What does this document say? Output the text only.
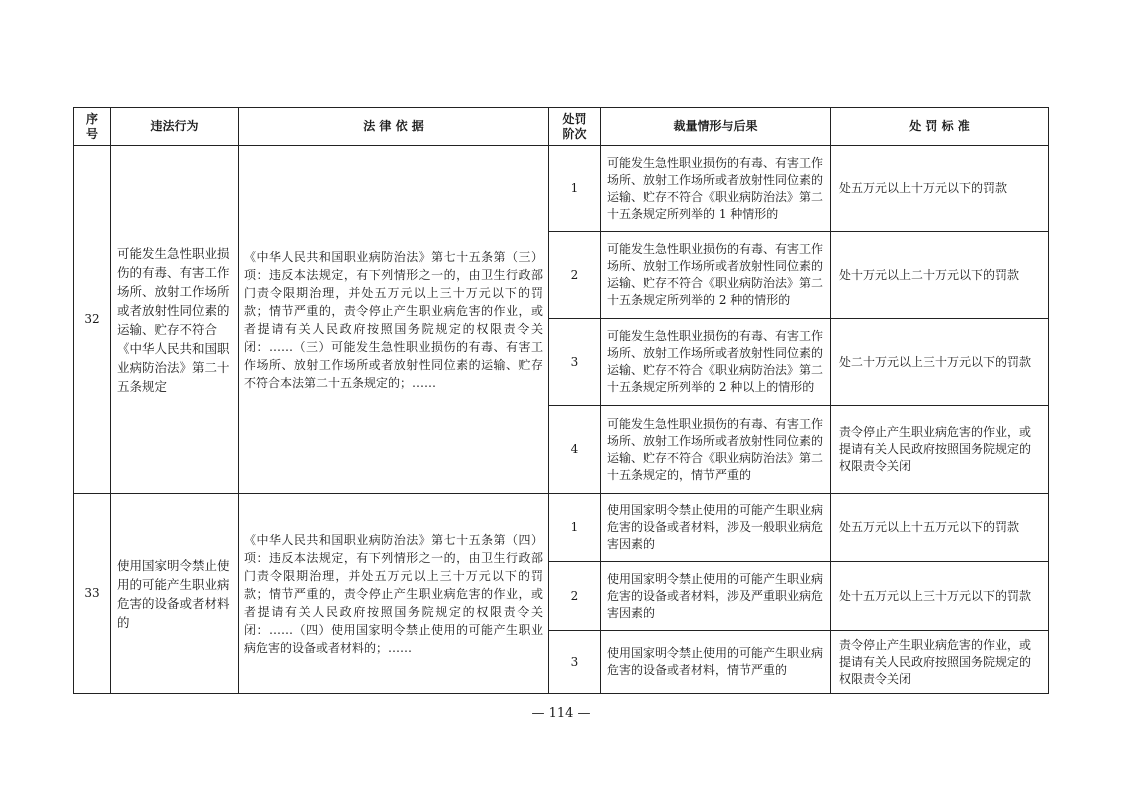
序号	违法行为	法 律 依 据	处罚阶次	裁量情形与后果	处 罚 标 准
32	可能发生急性职业损伤的有毒、有害工作场所、放射工作场所或者放射性同位素的运输、贮存不符合《中华人民共和国职业病防治法》第二十五条规定	《中华人民共和国职业病防治法》第七十五条第（三）项：违反本法规定，有下列情形之一的，由卫生行政部门责令限期治理，并处五万元以上三十万元以下的罚款；情节严重的，责令停止产生职业病危害的作业，或者提请有关人民政府按照国务院规定的权限责令关闭：……（三）可能发生急性职业损伤的有毒、有害工作场所、放射工作场所或者放射性同位素的运输、贮存不符合本法第二十五条规定的；……	1	可能发生急性职业损伤的有毒、有害工作场所、放射工作场所或者放射性同位素的运输、贮存不符合《职业病防治法》第二十五条规定所列举的 1 种情形的	处五万元以上十万元以下的罚款
			2	可能发生急性职业损伤的有毒、有害工作场所、放射工作场所或者放射性同位素的运输、贮存不符合《职业病防治法》第二十五条规定所列举的 2 种的情形的	处十万元以上二十万元以下的罚款
			3	可能发生急性职业损伤的有毒、有害工作场所、放射工作场所或者放射性同位素的运输、贮存不符合《职业病防治法》第二十五条规定所列举的 2 种以上的情形的	处二十万元以上三十万元以下的罚款
			4	可能发生急性职业损伤的有毒、有害工作场所、放射工作场所或者放射性同位素的运输、贮存不符合《职业病防治法》第二十五条规定的，情节严重的	责令停止产生职业病危害的作业，或提请有关人民政府按照国务院规定的权限责令关闭
33	使用国家明令禁止使用的可能产生职业病危害的设备或者材料的	《中华人民共和国职业病防治法》第七十五条第（四）项：违反本法规定，有下列情形之一的，由卫生行政部门责令限期治理，并处五万元以上三十万元以下的罚款；情节严重的，责令停止产生职业病危害的作业，或者提请有关人民政府按照国务院规定的权限责令关闭：……（四）使用国家明令禁止使用的可能产生职业病危害的设备或者材料的；……	1	使用国家明令禁止使用的可能产生职业病危害的设备或者材料，涉及一般职业病危害因素的	处五万元以上十五万元以下的罚款
			2	使用国家明令禁止使用的可能产生职业病危害的设备或者材料，涉及严重职业病危害因素的	处十五万元以上三十万元以下的罚款
			3	使用国家明令禁止使用的可能产生职业病危害的设备或者材料，情节严重的	责令停止产生职业病危害的作业，或提请有关人民政府按照国务院规定的权限责令关闭
— 114 —
